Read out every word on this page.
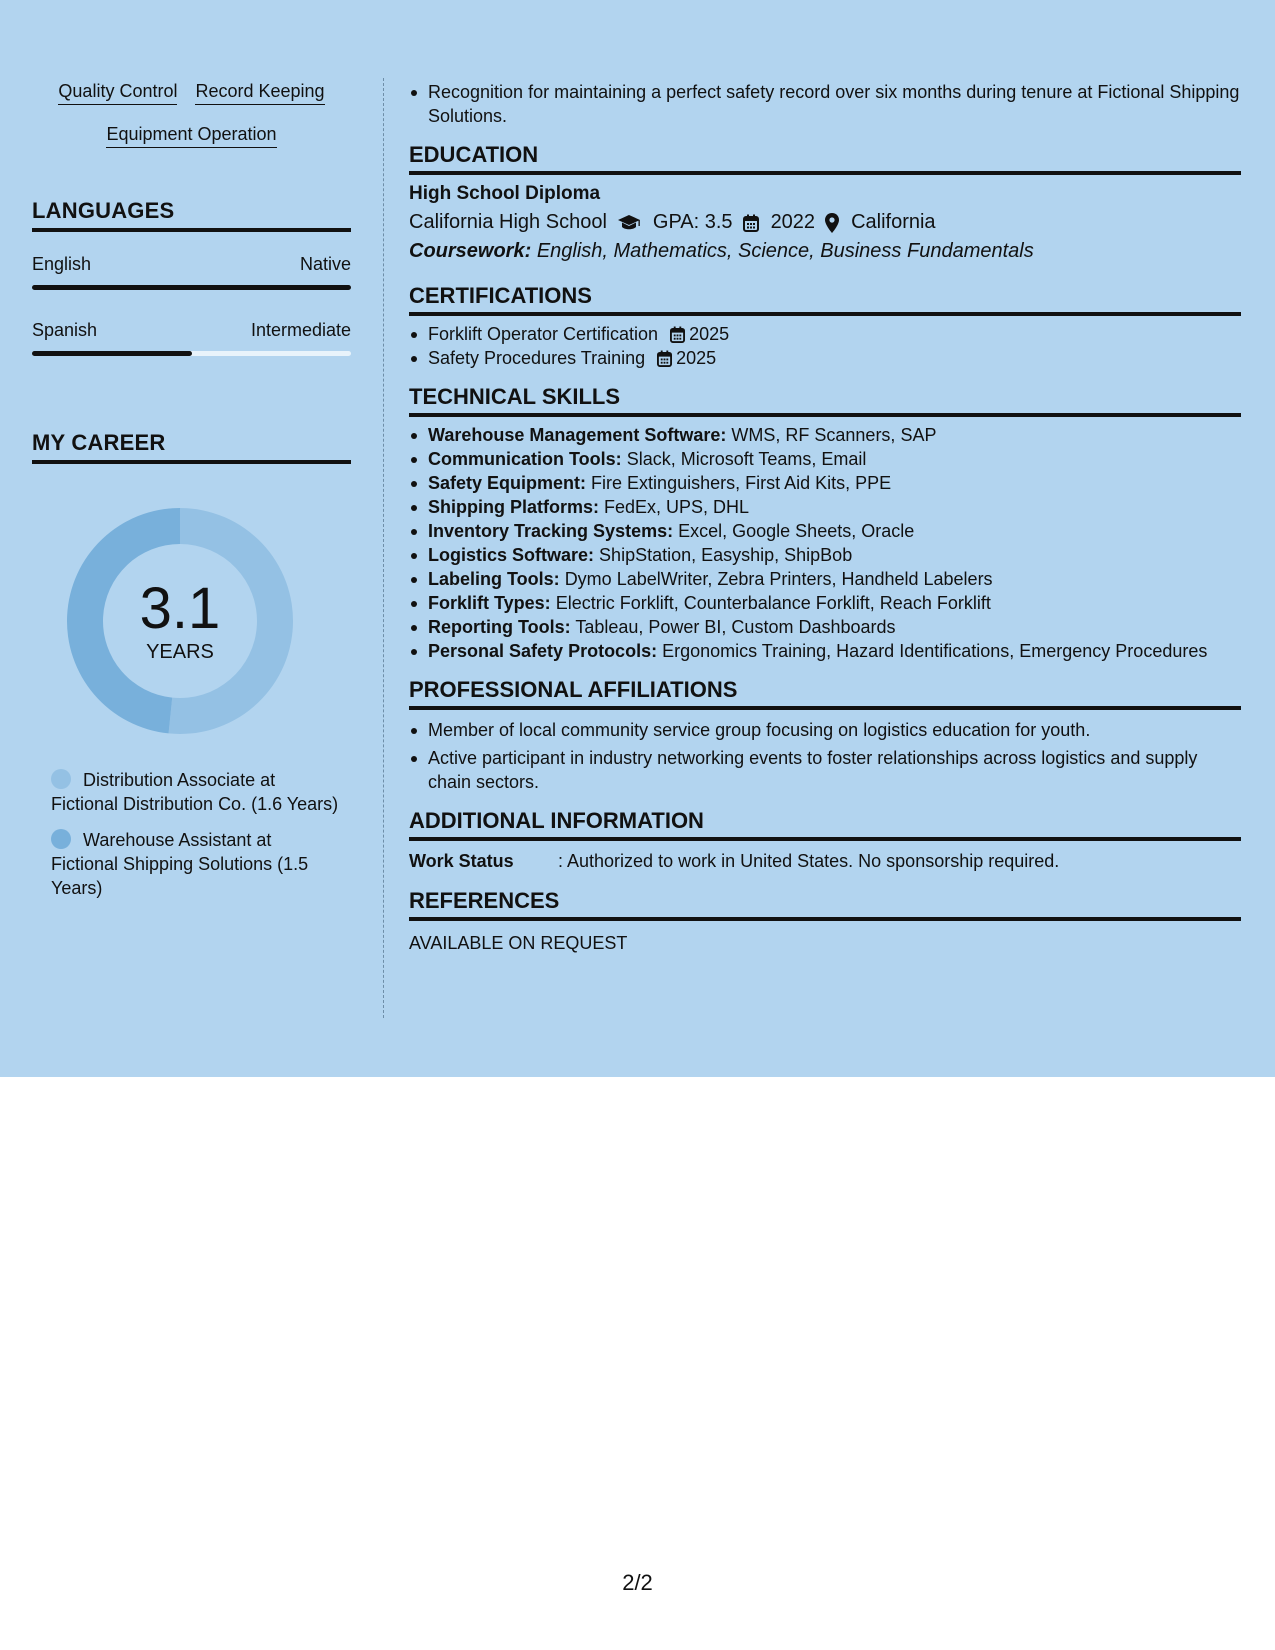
Quality Control Record Keeping
Equipment Operation
LANGUAGES
English	Native
Spanish	Intermediate
MY CAREER
3.1
YEARS
Distribution Associate at Fictional Distribution Co. (1.6 Years)
Warehouse Assistant at Fictional Shipping Solutions (1.5 Years)
Recognition for maintaining a perfect safety record over six months during tenure at Fictional Shipping Solutions.
EDUCATION
High School Diploma
California High School GPA: 3.5 2022 California
Coursework: English, Mathematics, Science, Business Fundamentals
CERTIFICATIONS
Forklift Operator Certification 2025
Safety Procedures Training 2025
TECHNICAL SKILLS
Warehouse Management Software: WMS, RF Scanners, SAP
Communication Tools: Slack, Microsoft Teams, Email
Safety Equipment: Fire Extinguishers, First Aid Kits, PPE
Shipping Platforms: FedEx, UPS, DHL
Inventory Tracking Systems: Excel, Google Sheets, Oracle
Logistics Software: ShipStation, Easyship, ShipBob
Labeling Tools: Dymo LabelWriter, Zebra Printers, Handheld Labelers
Forklift Types: Electric Forklift, Counterbalance Forklift, Reach Forklift
Reporting Tools: Tableau, Power BI, Custom Dashboards
Personal Safety Protocols: Ergonomics Training, Hazard Identifications, Emergency Procedures
PROFESSIONAL AFFILIATIONS
Member of local community service group focusing on logistics education for youth.
Active participant in industry networking events to foster relationships across logistics and supply chain sectors.
ADDITIONAL INFORMATION
Work Status	: Authorized to work in United States. No sponsorship required.
REFERENCES
AVAILABLE ON REQUEST
2/2
